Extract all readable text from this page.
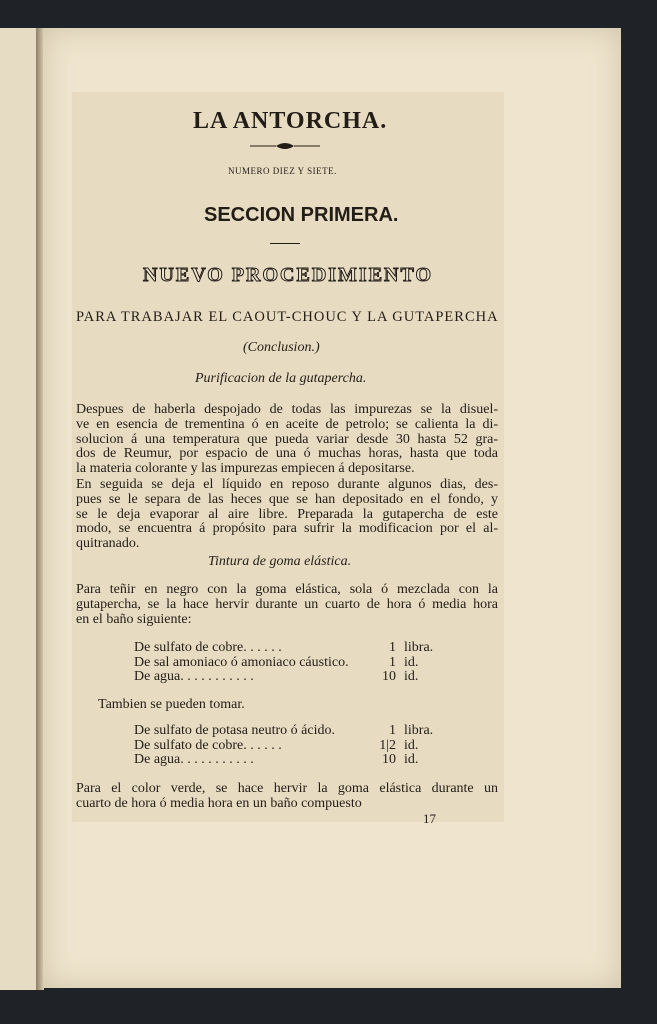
LA ANTORCHA.
NUMERO DIEZ Y SIETE.
SECCION PRIMERA.
NUEVO PROCEDIMIENTO
PARA TRABAJAR EL CAOUT-CHOUC Y LA GUTAPERCHA
(Conclusion.)
Purificacion de la gutapercha.
Despues de haberla despojado de todas las impurezas se la disuel-
ve en esencia de trementina ó en aceite de petrolo; se calienta la di-
solucion á una temperatura que pueda variar desde 30 hasta 52 gra-
dos de Reumur, por espacio de una ó muchas horas, hasta que toda
la materia colorante y las impurezas empiecen á depositarse.
En seguida se deja el líquido en reposo durante algunos dias, des-
pues se le separa de las heces que se han depositado en el fondo, y
se le deja evaporar al aire libre. Preparada la gutapercha de este
modo, se encuentra á propósito para sufrir la modificacion por el al-
quitranado.
Tintura de goma elástica.
Para teñir en negro con la goma elástica, sola ó mezclada con la
gutapercha, se la hace hervir durante un cuarto de hora ó media hora
en el baño siguiente:
De sulfato de cobre. . . . . .	1 libra.
De sal amoniaco ó amoniaco cáustico.	1 id.
De agua. . . . . . . . . . .	10 id.
Tambien se pueden tomar.
De sulfato de potasa neutro ó ácido.	1 libra.
De sulfato de cobre. . . . . .	1|2 id.
De agua. . . . . . . . . . .	10 id.
Para el color verde, se hace hervir la goma elástica durante un
cuarto de hora ó media hora en un baño compuesto
17
